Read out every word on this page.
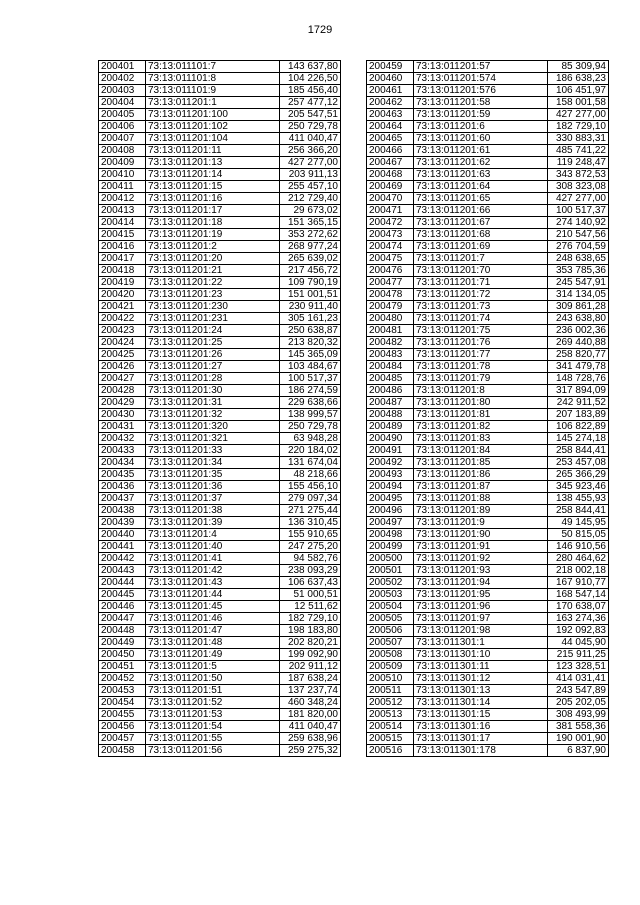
1729
200401	73:13:011101:7	143 637,80
200402	73:13:011101:8	104 226,50
200403	73:13:011101:9	185 456,40
200404	73:13:011201:1	257 477,12
200405	73:13:011201:100	205 547,51
200406	73:13:011201:102	250 729,78
200407	73:13:011201:104	411 040,47
200408	73:13:011201:11	256 366,20
200409	73:13:011201:13	427 277,00
200410	73:13:011201:14	203 911,13
200411	73:13:011201:15	255 457,10
200412	73:13:011201:16	212 729,40
200413	73:13:011201:17	29 673,02
200414	73:13:011201:18	151 365,15
200415	73:13:011201:19	353 272,62
200416	73:13:011201:2	268 977,24
200417	73:13:011201:20	265 639,02
200418	73:13:011201:21	217 456,72
200419	73:13:011201:22	109 790,19
200420	73:13:011201:23	151 001,51
200421	73:13:011201:230	230 911,40
200422	73:13:011201:231	305 161,23
200423	73:13:011201:24	250 638,87
200424	73:13:011201:25	213 820,32
200425	73:13:011201:26	145 365,09
200426	73:13:011201:27	103 484,67
200427	73:13:011201:28	100 517,37
200428	73:13:011201:30	186 274,59
200429	73:13:011201:31	229 638,66
200430	73:13:011201:32	138 999,57
200431	73:13:011201:320	250 729,78
200432	73:13:011201:321	63 948,28
200433	73:13:011201:33	220 184,02
200434	73:13:011201:34	131 674,04
200435	73:13:011201:35	48 218,66
200436	73:13:011201:36	155 456,10
200437	73:13:011201:37	279 097,34
200438	73:13:011201:38	271 275,44
200439	73:13:011201:39	136 310,45
200440	73:13:011201:4	155 910,65
200441	73:13:011201:40	247 275,20
200442	73:13:011201:41	94 582,76
200443	73:13:011201:42	238 093,29
200444	73:13:011201:43	106 637,43
200445	73:13:011201:44	51 000,51
200446	73:13:011201:45	12 511,62
200447	73:13:011201:46	182 729,10
200448	73:13:011201:47	198 183,80
200449	73:13:011201:48	202 820,21
200450	73:13:011201:49	199 092,90
200451	73:13:011201:5	202 911,12
200452	73:13:011201:50	187 638,24
200453	73:13:011201:51	137 237,74
200454	73:13:011201:52	460 348,24
200455	73:13:011201:53	181 820,00
200456	73:13:011201:54	411 040,47
200457	73:13:011201:55	259 638,96
200458	73:13:011201:56	259 275,32
200459	73:13:011201:57	85 309,94
200460	73:13:011201:574	186 638,23
200461	73:13:011201:576	106 451,97
200462	73:13:011201:58	158 001,58
200463	73:13:011201:59	427 277,00
200464	73:13:011201:6	182 729,10
200465	73:13:011201:60	330 883,31
200466	73:13:011201:61	485 741,22
200467	73:13:011201:62	119 248,47
200468	73:13:011201:63	343 872,53
200469	73:13:011201:64	308 323,08
200470	73:13:011201:65	427 277,00
200471	73:13:011201:66	100 517,37
200472	73:13:011201:67	274 140,92
200473	73:13:011201:68	210 547,56
200474	73:13:011201:69	276 704,59
200475	73:13:011201:7	248 638,65
200476	73:13:011201:70	353 785,36
200477	73:13:011201:71	245 547,91
200478	73:13:011201:72	314 134,05
200479	73:13:011201:73	309 861,28
200480	73:13:011201:74	243 638,80
200481	73:13:011201:75	236 002,36
200482	73:13:011201:76	269 440,88
200483	73:13:011201:77	258 820,77
200484	73:13:011201:78	341 479,78
200485	73:13:011201:79	148 728,76
200486	73:13:011201:8	317 894,09
200487	73:13:011201:80	242 911,52
200488	73:13:011201:81	207 183,89
200489	73:13:011201:82	106 822,89
200490	73:13:011201:83	145 274,18
200491	73:13:011201:84	258 844,41
200492	73:13:011201:85	253 457,08
200493	73:13:011201:86	265 366,29
200494	73:13:011201:87	345 923,46
200495	73:13:011201:88	138 455,93
200496	73:13:011201:89	258 844,41
200497	73:13:011201:9	49 145,95
200498	73:13:011201:90	50 815,05
200499	73:13:011201:91	146 910,56
200500	73:13:011201:92	280 464,62
200501	73:13:011201:93	218 002,18
200502	73:13:011201:94	167 910,77
200503	73:13:011201:95	168 547,14
200504	73:13:011201:96	170 638,07
200505	73:13:011201:97	163 274,36
200506	73:13:011201:98	192 092,83
200507	73:13:011301:1	44 045,90
200508	73:13:011301:10	215 911,25
200509	73:13:011301:11	123 328,51
200510	73:13:011301:12	414 031,41
200511	73:13:011301:13	243 547,89
200512	73:13:011301:14	205 202,05
200513	73:13:011301:15	308 493,99
200514	73:13:011301:16	381 558,36
200515	73:13:011301:17	190 001,90
200516	73:13:011301:178	6 837,90
